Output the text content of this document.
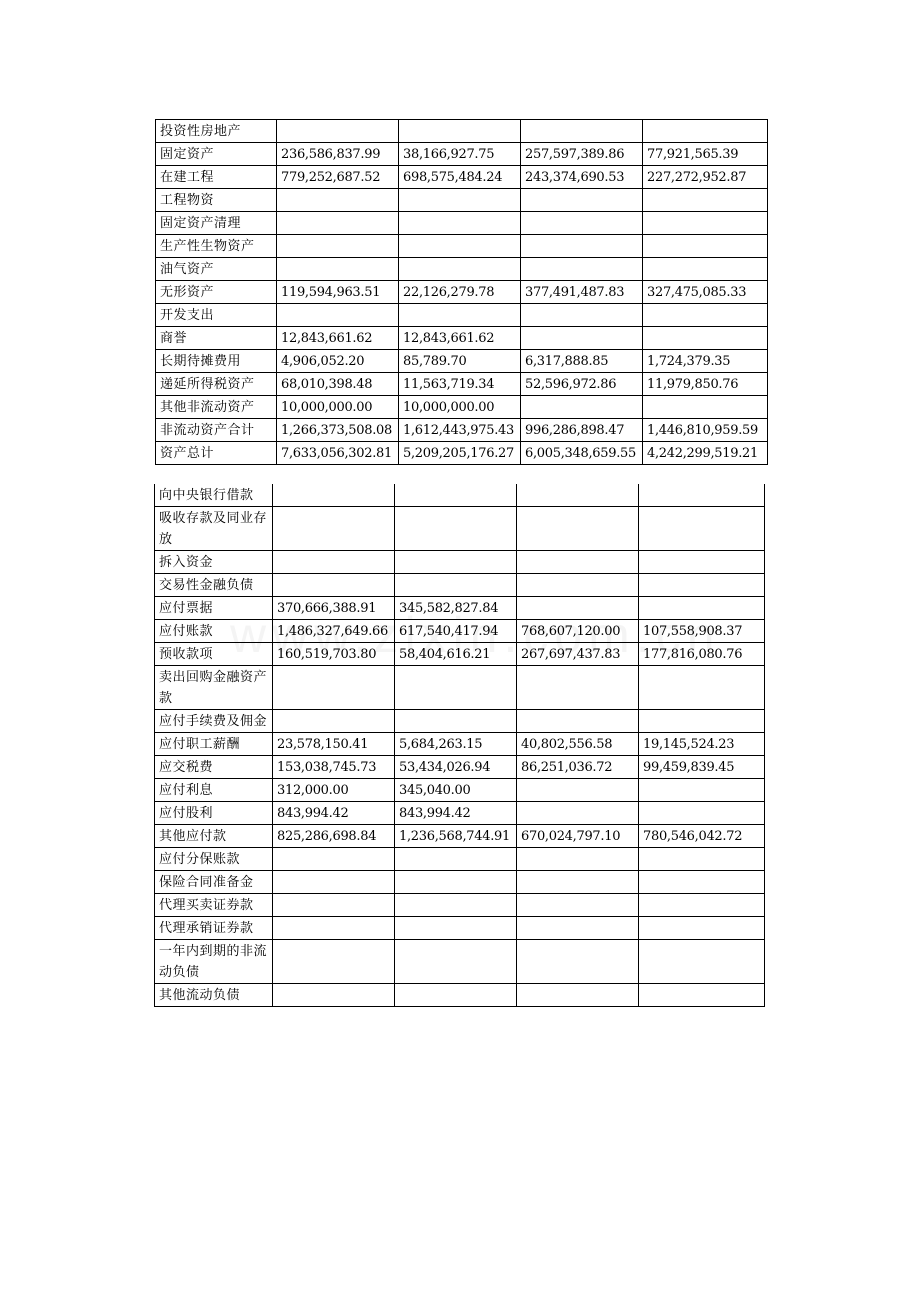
投资性房地产				
固定资产	236,586,837.99	38,166,927.75	257,597,389.86	77,921,565.39
在建工程	779,252,687.52	698,575,484.24	243,374,690.53	227,272,952.87
工程物资				
固定资产清理				
生产性生物资产				
油气资产				
无形资产	119,594,963.51	22,126,279.78	377,491,487.83	327,475,085.33
开发支出				
商誉	12,843,661.62	12,843,661.62		
长期待摊费用	4,906,052.20	85,789.70	6,317,888.85	1,724,379.35
递延所得税资产	68,010,398.48	11,563,719.34	52,596,972.86	11,979,850.76
其他非流动资产	10,000,000.00	10,000,000.00		
非流动资产合计	1,266,373,508.08	1,612,443,975.43	996,286,898.47	1,446,810,959.59
资产总计	7,633,056,302.81	5,209,205,176.27	6,005,348,659.55	4,242,299,519.21
向中央银行借款				
吸收存款及同业存放				
拆入资金				
交易性金融负债				
应付票据	370,666,388.91	345,582,827.84		
应付账款	1,486,327,649.66	617,540,417.94	768,607,120.00	107,558,908.37
预收款项	160,519,703.80	58,404,616.21	267,697,437.83	177,816,080.76
卖出回购金融资产款				
应付手续费及佣金				
应付职工薪酬	23,578,150.41	5,684,263.15	40,802,556.58	19,145,524.23
应交税费	153,038,745.73	53,434,026.94	86,251,036.72	99,459,839.45
应付利息	312,000.00	345,040.00		
应付股利	843,994.42	843,994.42		
其他应付款	825,286,698.84	1,236,568,744.91	670,024,797.10	780,546,042.72
应付分保账款				
保险合同准备金				
代理买卖证券款				
代理承销证券款				
一年内到期的非流动负债				
其他流动负债				
